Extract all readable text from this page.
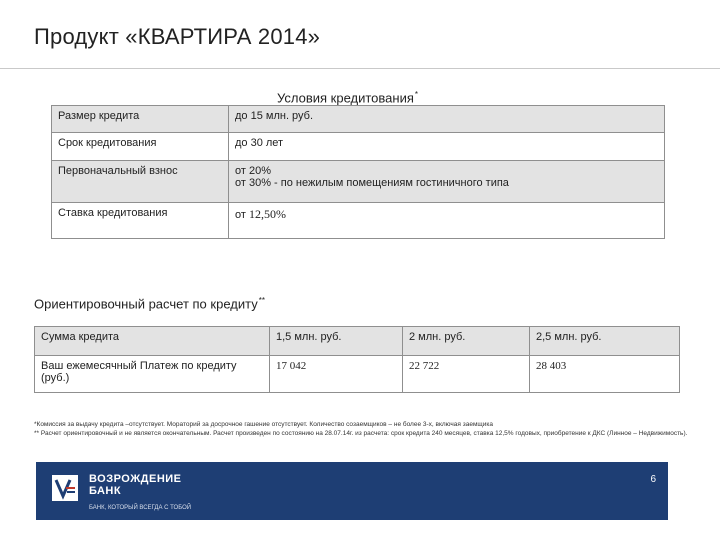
Продукт «КВАРТИРА 2014»
Условия кредитования*
Размер кредита	до 15 млн. руб.
Срок кредитования	до 30 лет
Первоначальный взнос	от 20%
от 30% - по нежилым помещениям гостиничного типа

Ставка кредитования	от 12,50%
Ориентировочный расчет по кредиту**
Сумма кредита	1,5 млн. руб.	2 млн. руб.	2,5 млн. руб.
Ваш ежемесячный Платеж по кредиту (руб.)	17 042	22 722	28 403
*Комиссия за выдачу кредита –отсутствует. Мораторий за досрочное гашение отсутствует. Количество созаемщиков – не более 3-х, включая заемщика
** Расчет ориентировочный и не является окончательным. Расчет произведен по состоянию на 28.07.14г. из расчета: срок кредита 240 месяцев, ставка 12,5% годовых, приобретение к ДКС (Линное – Недвижимость).
ВОЗРОЖДЕНИЕ
БАНК
БАНК, КОТОРЫЙ ВСЕГДА С ТОБОЙ
6
